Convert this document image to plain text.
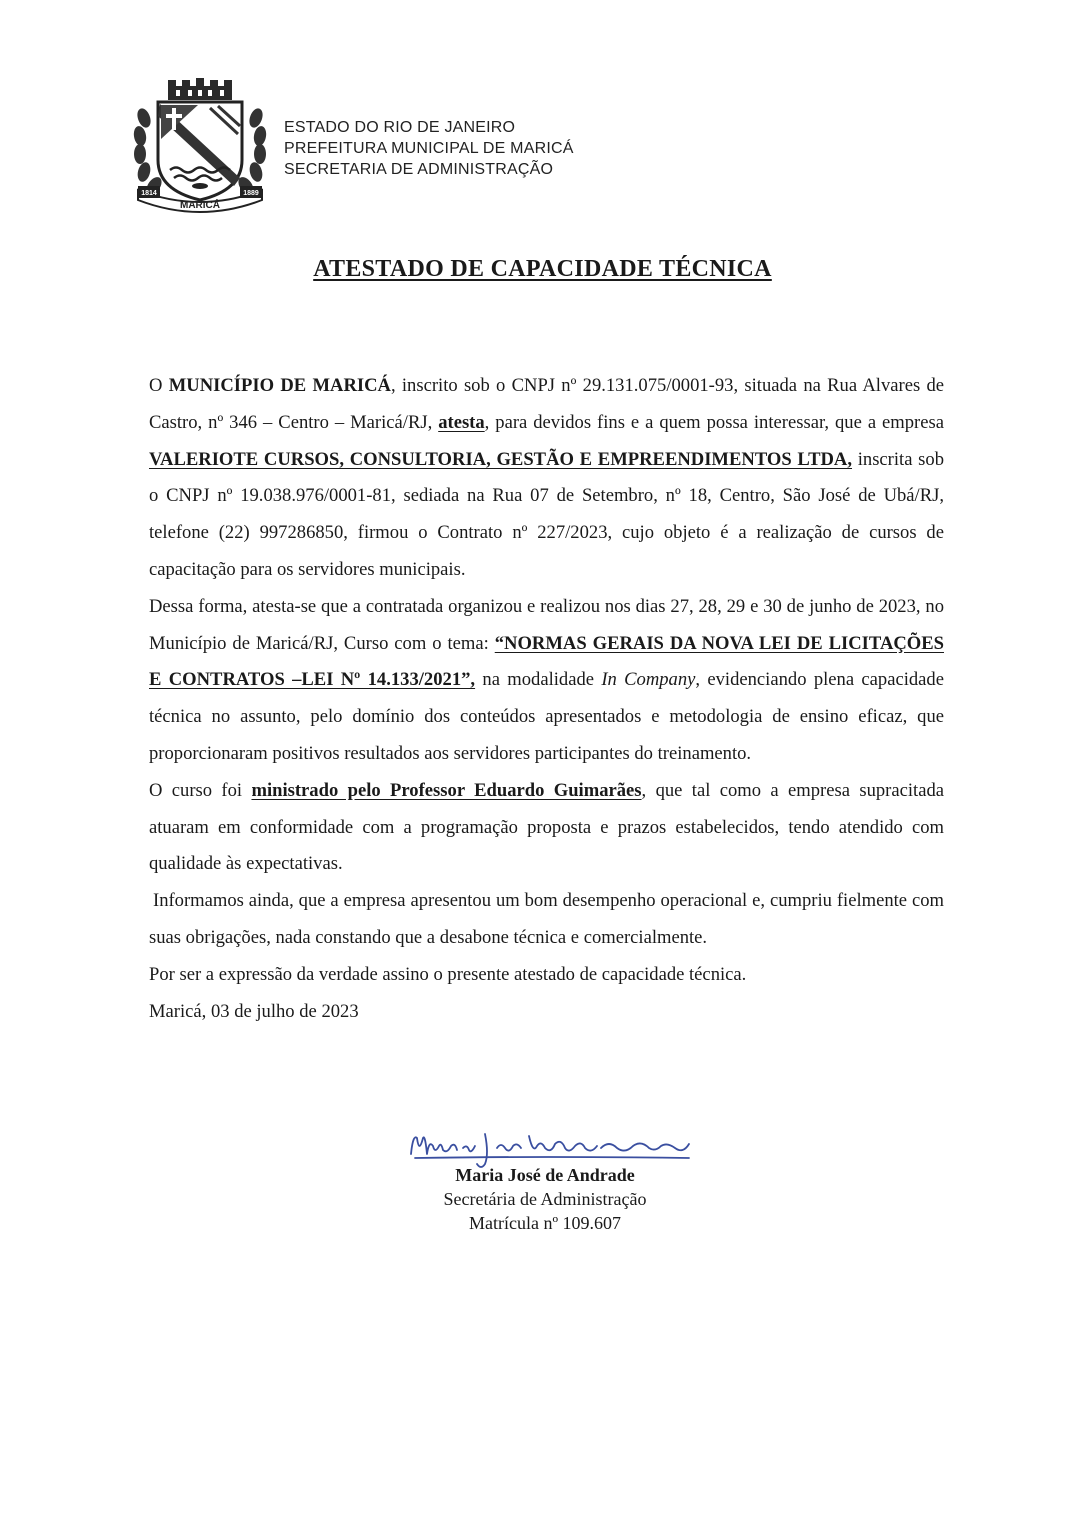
1814	1889
MARICÁ
ESTADO DO RIO DE JANEIRO
PREFEITURA MUNICIPAL DE MARICÁ
SECRETARIA DE ADMINISTRAÇÃO
ATESTADO DE CAPACIDADE TÉCNICA

O MUNICÍPIO DE MARICÁ, inscrito sob o CNPJ nº 29.131.075/0001-93, situada na Rua Alvares de Castro, nº 346 – Centro – Maricá/RJ, atesta, para devidos fins e a quem possa interessar, que a empresa VALERIOTE CURSOS, CONSULTORIA, GESTÃO E EMPREENDIMENTOS LTDA, inscrita sob o CNPJ nº 19.038.976/0001-81, sediada na Rua 07 de Setembro, nº 18, Centro, São José de Ubá/RJ, telefone (22) 997286850, firmou o Contrato nº 227/2023, cujo objeto é a realização de cursos de capacitação para os servidores municipais.

Dessa forma, atesta-se que a contratada organizou e realizou nos dias 27, 28, 29 e 30 de junho de 2023, no Município de Maricá/RJ, Curso com o tema: “NORMAS GERAIS DA NOVA LEI DE LICITAÇÕES E CONTRATOS –LEI Nº 14.133/2021”, na modalidade In Company, evidenciando plena capacidade técnica no assunto, pelo domínio dos conteúdos apresentados e metodologia de ensino eficaz, que proporcionaram positivos resultados aos servidores participantes do treinamento.

O curso foi ministrado pelo Professor Eduardo Guimarães, que tal como a empresa supracitada atuaram em conformidade com a programação proposta e prazos estabelecidos, tendo atendido com qualidade às expectativas.

Informamos ainda, que a empresa apresentou um bom desempenho operacional e, cumpriu fielmente com suas obrigações, nada constando que a desabone técnica e comercialmente.

Por ser a expressão da verdade assino o presente atestado de capacidade técnica.

Maricá, 03 de julho de 2023

Maria José de Andrade
Secretária de Administração
Matrícula nº 109.607
